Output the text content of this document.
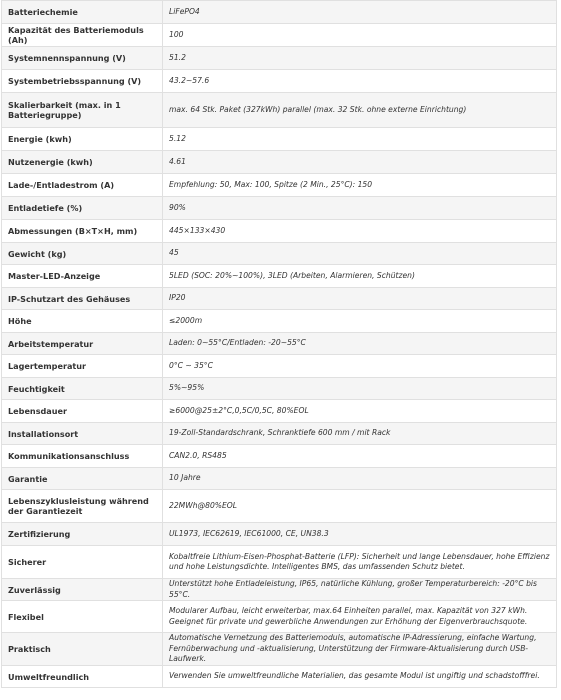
Batteriechemie	LiFePO4
Kapazität des Batteriemoduls (Ah)	100
Systemnennspannung (V)	51.2
Systembetriebsspannung (V)	43.2~57.6
Skalierbarkeit (max. in 1 Batteriegruppe)	max. 64 Stk. Paket (327kWh) parallel (max. 32 Stk. ohne externe Einrichtung)
Energie (kwh)	5.12
Nutzenergie (kwh)	4.61
Lade-/Entladestrom (A)	Empfehlung: 50, Max: 100, Spitze (2 Min., 25°C): 150
Entladetiefe (%)	90%
Abmessungen (B×T×H, mm)	445×133×430
Gewicht (kg)	45
Master-LED-Anzeige	5LED (SOC: 20%~100%), 3LED (Arbeiten, Alarmieren, Schützen)
IP-Schutzart des Gehäuses	IP20
Höhe	≤2000m
Arbeitstemperatur	Laden: 0~55°C/Entladen: -20~55°C
Lagertemperatur	0°C ~ 35°C
Feuchtigkeit	5%~95%
Lebensdauer	≥6000@25±2°C,0,5C/0,5C, 80%EOL
Installationsort	19-Zoll-Standardschrank, Schranktiefe 600 mm / mit Rack
Kommunikationsanschluss	CAN2.0, RS485
Garantie	10 Jahre
Lebenszyklusleistung während der Garantiezeit	22MWh@80%EOL
Zertifizierung	UL1973, IEC62619, IEC61000, CE, UN38.3
Sicherer	Kobaltfreie Lithium-Eisen-Phosphat-Batterie (LFP): Sicherheit und lange Lebensdauer, hohe Effizienz und hohe Leistungsdichte. Intelligentes BMS, das umfassenden Schutz bietet.
Zuverlässig	Unterstützt hohe Entladeleistung, IP65, natürliche Kühlung, großer Temperaturbereich: -20°C bis 55°C.
Flexibel	Modularer Aufbau, leicht erweiterbar, max.64 Einheiten parallel, max. Kapazität von 327 kWh. Geeignet für private und gewerbliche Anwendungen zur Erhöhung der Eigenverbrauchsquote.
Praktisch	Automatische Vernetzung des Batteriemoduls, automatische IP-Adressierung, einfache Wartung, Fernüberwachung und -aktualisierung, Unterstützung der Firmware-Aktualisierung durch USB-Laufwerk.
Umweltfreundlich	Verwenden Sie umweltfreundliche Materialien, das gesamte Modul ist ungiftig und schadstofffrei.
